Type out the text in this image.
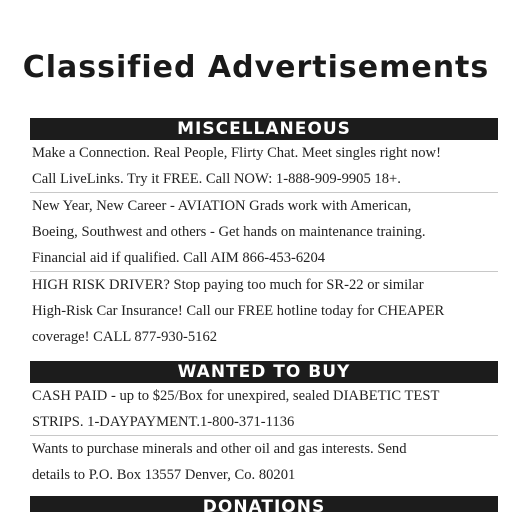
Classified Advertisements
MISCELLANEOUS
Make a Connection. Real People, Flirty Chat. Meet singles right now!
Call LiveLinks. Try it FREE. Call NOW: 1-888-909-9905 18+.
New Year, New Career - AVIATION Grads work with American,
Boeing, Southwest and others - Get hands on maintenance training.
Financial aid if qualified. Call AIM 866-453-6204
HIGH RISK DRIVER? Stop paying too much for SR-22 or similar
High-Risk Car Insurance! Call our FREE hotline today for CHEAPER
coverage! CALL 877-930-5162
WANTED TO BUY
CASH PAID - up to $25/Box for unexpired, sealed DIABETIC TEST
STRIPS. 1-DAYPAYMENT.1-800-371-1136
Wants to purchase minerals and other oil and gas interests. Send
details to P.O. Box 13557 Denver, Co. 80201
DONATIONS
